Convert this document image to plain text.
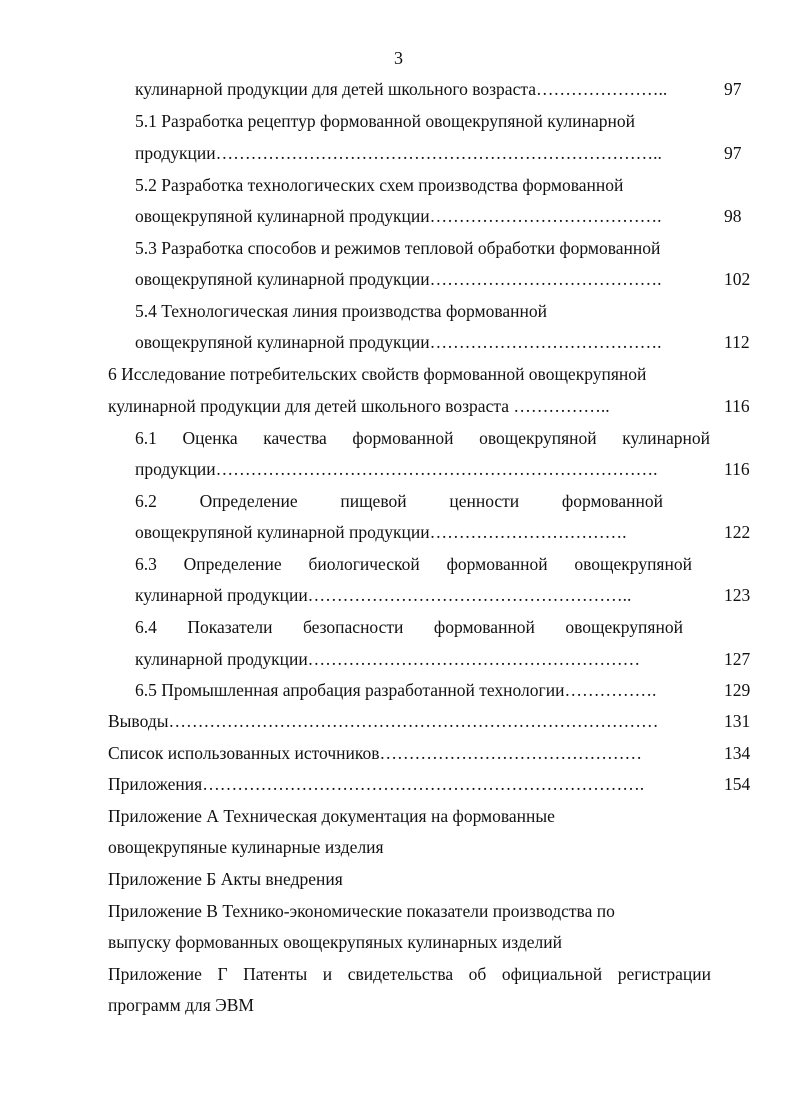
3
кулинарной продукции для детей школьного возраста…………………..	97
5.1 Разработка рецептур формованной овощекрупяной кулинарной
продукции…………………………………………………………………..	97
5.2 Разработка технологических схем производства формованной
овощекрупяной кулинарной продукции………………………………….	98
5.3 Разработка способов и режимов тепловой обработки формованной
овощекрупяной кулинарной продукции………………………………….	102
5.4 Технологическая линия производства формованной
овощекрупяной кулинарной продукции………………………………….	112
6 Исследование потребительских свойств формованной овощекрупяной
кулинарной продукции для детей школьного возраста ……………..	116
6.1 Оценка качества формованной овощекрупяной кулинарной
продукции………………………………………………………………….	116
6.2 Определение пищевой ценности формованной
овощекрупяной кулинарной продукции…………………………….	122
6.3 Определение биологической формованной овощекрупяной
кулинарной продукции………………………………………………..	123
6.4 Показатели безопасности формованной овощекрупяной
кулинарной продукции…………………………………………………	127
6.5 Промышленная апробация разработанной технологии…………….	129
Выводы…………………………………………………………………………	131
Список использованных источников………………………………………	134
Приложения………………………………………………………………….	154
Приложение А Техническая документация на формованные
овощекрупяные кулинарные изделия
Приложение Б Акты внедрения
Приложение В Технико-экономические показатели производства по
выпуску формованных овощекрупяных кулинарных изделий
Приложение Г Патенты и свидетельства об официальной регистрации
программ для ЭВМ
